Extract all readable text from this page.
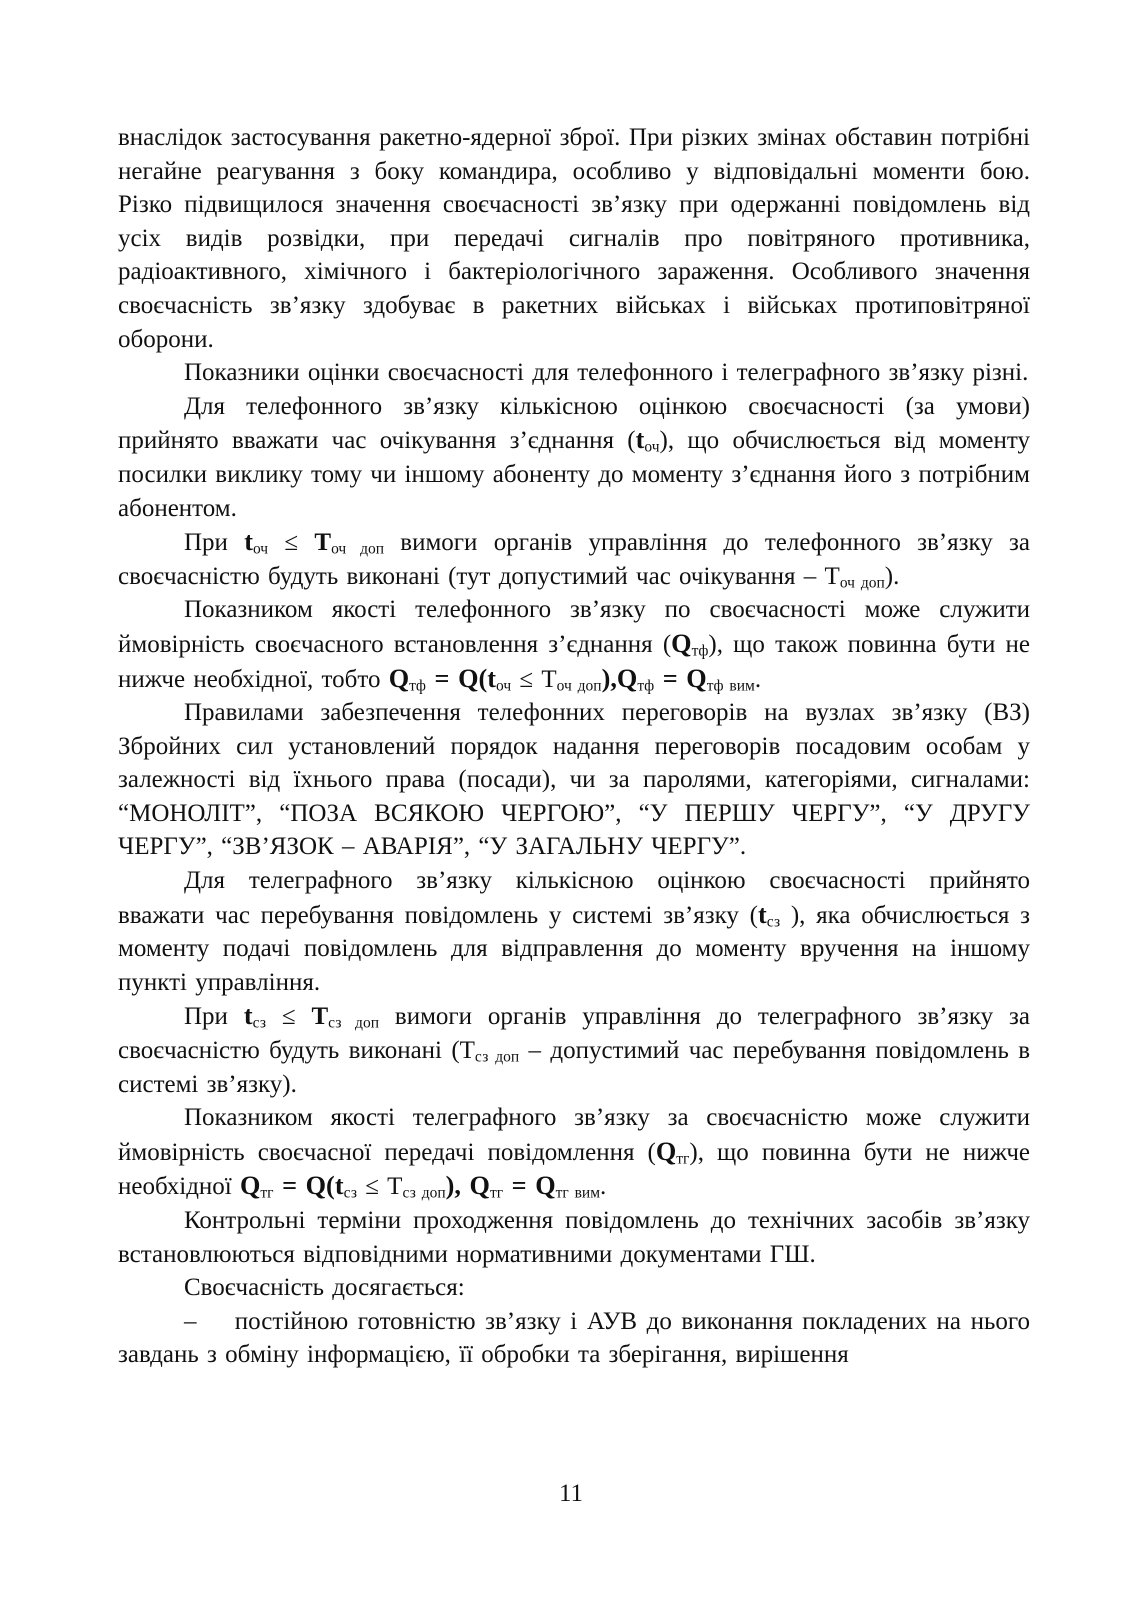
внаслідок застосування ракетно-ядерної зброї. При різких змінах обставин потрібні негайне реагування з боку командира, особливо у відповідальні моменти бою. Різко підвищилося значення своєчасності зв’язку при одержанні повідомлень від усіх видів розвідки, при передачі сигналів про повітряного противника, радіоактивного, хімічного і бактеріологічного зараження. Особливого значення своєчасність зв’язку здобуває в ракетних військах і військах протиповітряної оборони.

Показники оцінки своєчасності для телефонного і телеграфного зв’язку різні.

Для телефонного зв’язку кількісною оцінкою своєчасності (за умови) прийнято вважати час очікування з’єднання $(t_{оч})$, що обчислюється від моменту посилки виклику тому чи іншому абоненту до моменту з’єднання його з потрібним абонентом.

При $t_{оч} \le Т_{оч доп}$ вимоги органів управління до телефонного зв’язку за своєчасністю будуть виконані (тут допустимий час очікування – $Т_{оч доп}$).

Показником якості телефонного зв’язку по своєчасності може служити ймовірність своєчасного встановлення з’єднання $(Q_{тф})$, що також повинна бути не нижче необхідної, тобто $Q_{тф} = Q(t_{оч} \le Т_{оч доп}),Q_{тф} = Q_{тф вим}$.

Правилами забезпечення телефонних переговорів на вузлах зв’язку (ВЗ) Збройних сил установлений порядок надання переговорів посадовим особам у залежності від їхнього права (посади), чи за паролями, категоріями, сигналами: “МОНОЛІТ”, “ПОЗА ВСЯКОЮ ЧЕРГОЮ”, “У ПЕРШУ ЧЕРГУ”, “У ДРУГУ ЧЕРГУ”, “ЗВ’ЯЗОК – АВАРІЯ”, “У ЗАГАЛЬНУ ЧЕРГУ”.

Для телеграфного зв’язку кількісною оцінкою своєчасності прийнято вважати час перебування повідомлень у системі зв’язку ($t_{сз}$ ), яка обчислюється з моменту подачі повідомлень для відправлення до моменту вручення на іншому пункті управління.

При $t_{сз} \le Т_{сз доп}$ вимоги органів управління до телеграфного зв’язку за своєчасністю будуть виконані ($Т_{сз доп}$ – допустимий час перебування повідомлень в системі зв’язку).

Показником якості телеграфного зв’язку за своєчасністю може служити ймовірність своєчасної передачі повідомлення $(Q_{тг})$, що повинна бути не нижче необхідної $Q_{тг} = Q(t_{сз} \le Т_{сз доп})$, $Q_{тг} = Q_{тг вим}$.

Контрольні терміни проходження повідомлень до технічних засобів зв’язку встановлюються відповідними нормативними документами ГШ.

Своєчасність досягається:

–    постійною готовністю зв’язку і АУВ до виконання покладених на нього завдань з обміну інформацією, її обробки та зберігання, вирішення

11
